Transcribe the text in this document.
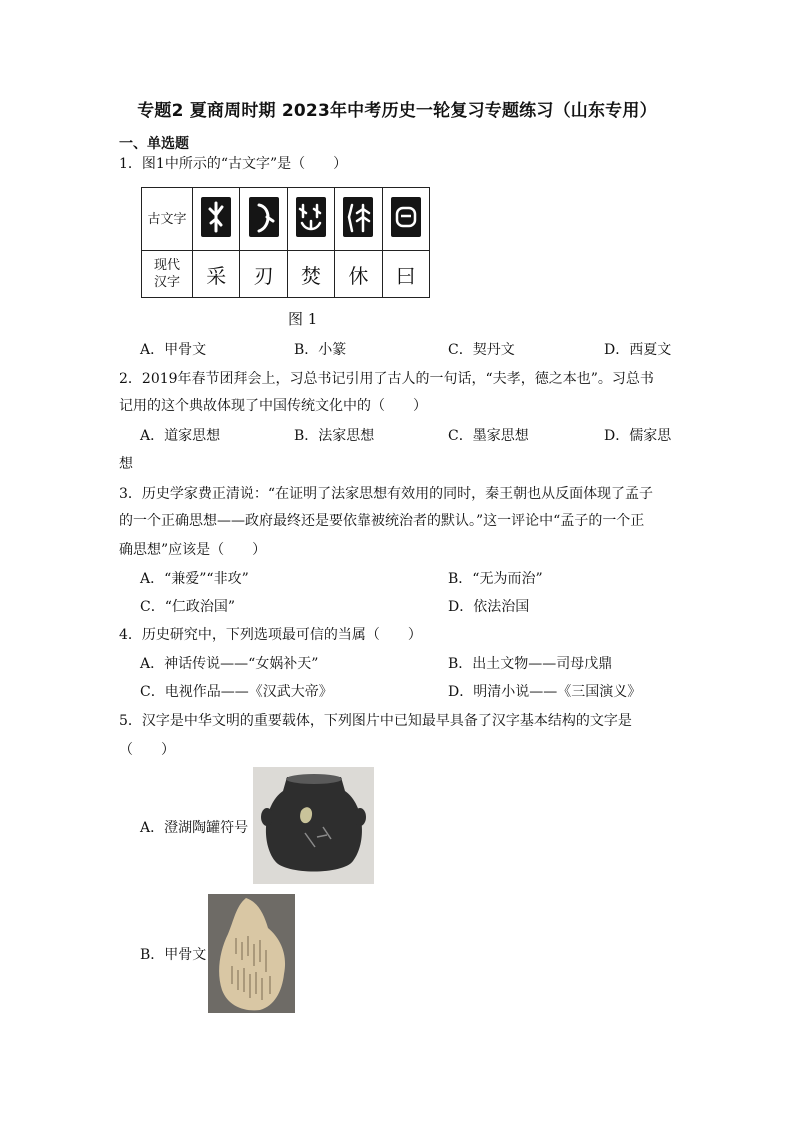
专题2 夏商周时期 2023年中考历史一轮复习专题练习（山东专用）
一、单选题
1．图1中所示的“古文字”是（　　）
古文字	

现代
汉字	采	刃	焚	休	曰
图 1
A．甲骨文	B．小篆	C．契丹文	D．西夏文
2．2019年春节团拜会上，习总书记引用了古人的一句话，“夫孝，德之本也”。习总书
记用的这个典故体现了中国传统文化中的（　　）
A．道家思想	B．法家思想	C．墨家思想	D．儒家思
想
3．历史学家费正清说：“在证明了法家思想有效用的同时，秦王朝也从反面体现了孟子
的一个正确思想——政府最终还是要依靠被统治者的默认。”这一评论中“孟子的一个正
确思想”应该是（　　）
A．“兼爱”“非攻”	B．“无为而治”
C．“仁政治国”	D．依法治国
4．历史研究中，下列选项最可信的当属（　　）
A．神话传说——“女娲补天”	B．出土文物——司母戊鼎
C．电视作品——《汉武大帝》	D．明清小说——《三国演义》
5．汉字是中华文明的重要载体，下列图片中已知最早具备了汉字基本结构的文字是
（　　）
A．澄湖陶罐符号
B．甲骨文
